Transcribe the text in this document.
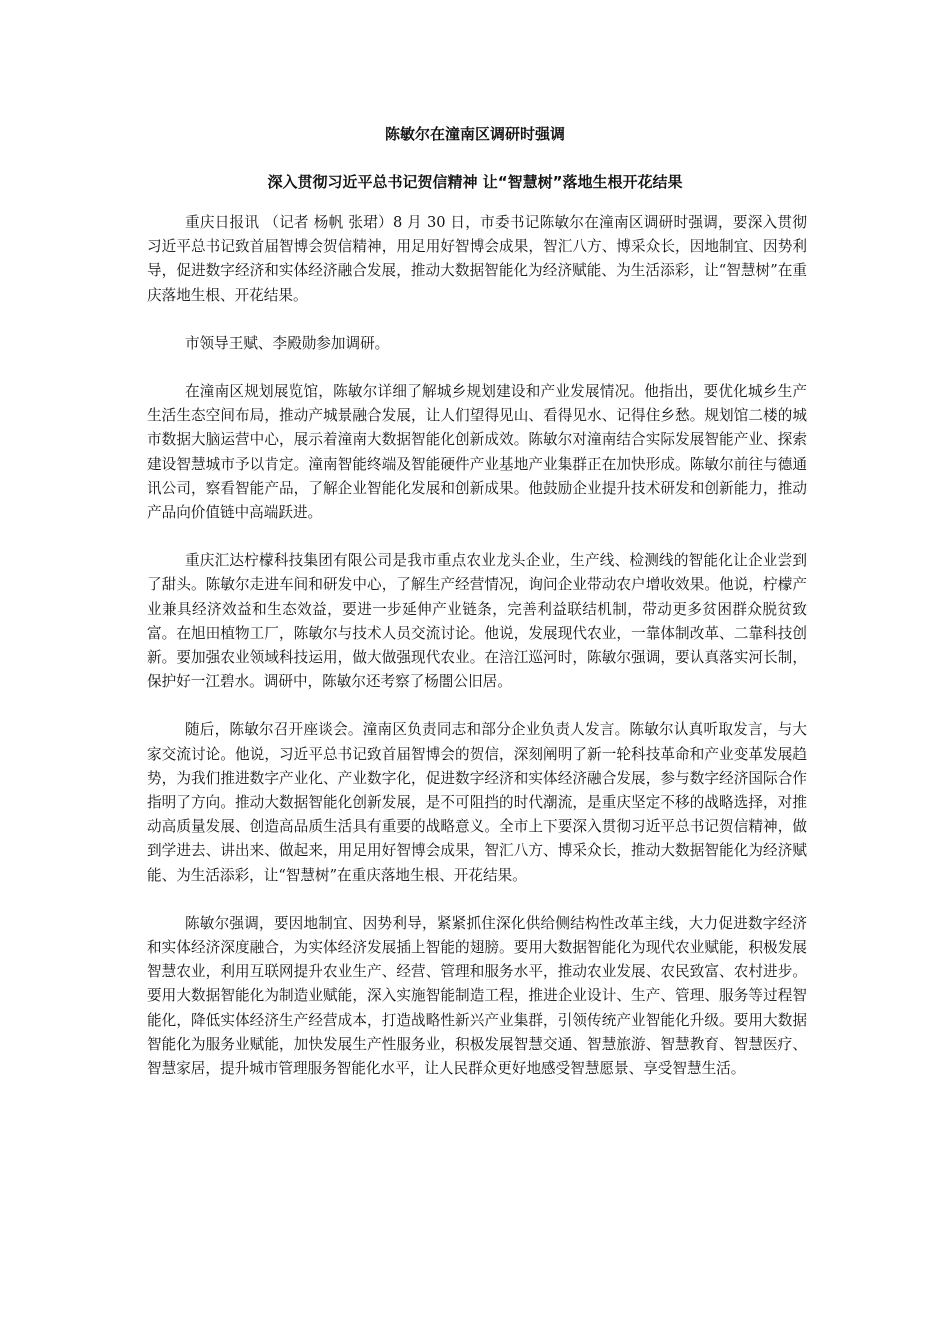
陈敏尔在潼南区调研时强调
深入贯彻习近平总书记贺信精神 让“智慧树”落地生根开花结果

重庆日报讯 （记者 杨帆 张珺）8 月 30 日，市委书记陈敏尔在潼南区调研时强调，要深入贯彻习近平总书记致首届智博会贺信精神，用足用好智博会成果，智汇八方、博采众长，因地制宜、因势利导，促进数字经济和实体经济融合发展，推动大数据智能化为经济赋能、为生活添彩，让“智慧树”在重庆落地生根、开花结果。

市领导王赋、李殿勋参加调研。

在潼南区规划展览馆，陈敏尔详细了解城乡规划建设和产业发展情况。他指出，要优化城乡生产生活生态空间布局，推动产城景融合发展，让人们望得见山、看得见水、记得住乡愁。规划馆二楼的城市数据大脑运营中心，展示着潼南大数据智能化创新成效。陈敏尔对潼南结合实际发展智能产业、探索建设智慧城市予以肯定。潼南智能终端及智能硬件产业基地产业集群正在加快形成。陈敏尔前往与德通讯公司，察看智能产品，了解企业智能化发展和创新成果。他鼓励企业提升技术研发和创新能力，推动产品向价值链中高端跃进。

重庆汇达柠檬科技集团有限公司是我市重点农业龙头企业，生产线、检测线的智能化让企业尝到了甜头。陈敏尔走进车间和研发中心，了解生产经营情况，询问企业带动农户增收效果。他说，柠檬产业兼具经济效益和生态效益，要进一步延伸产业链条，完善利益联结机制，带动更多贫困群众脱贫致富。在旭田植物工厂，陈敏尔与技术人员交流讨论。他说，发展现代农业，一靠体制改革、二靠科技创新。要加强农业领域科技运用，做大做强现代农业。在涪江巡河时，陈敏尔强调，要认真落实河长制，保护好一江碧水。调研中，陈敏尔还考察了杨闇公旧居。

随后，陈敏尔召开座谈会。潼南区负责同志和部分企业负责人发言。陈敏尔认真听取发言，与大家交流讨论。他说，习近平总书记致首届智博会的贺信，深刻阐明了新一轮科技革命和产业变革发展趋势，为我们推进数字产业化、产业数字化，促进数字经济和实体经济融合发展，参与数字经济国际合作指明了方向。推动大数据智能化创新发展，是不可阻挡的时代潮流，是重庆坚定不移的战略选择，对推动高质量发展、创造高品质生活具有重要的战略意义。全市上下要深入贯彻习近平总书记贺信精神，做到学进去、讲出来、做起来，用足用好智博会成果，智汇八方、博采众长，推动大数据智能化为经济赋能、为生活添彩，让“智慧树”在重庆落地生根、开花结果。

陈敏尔强调，要因地制宜、因势利导，紧紧抓住深化供给侧结构性改革主线，大力促进数字经济和实体经济深度融合，为实体经济发展插上智能的翅膀。要用大数据智能化为现代农业赋能，积极发展智慧农业，利用互联网提升农业生产、经营、管理和服务水平，推动农业发展、农民致富、农村进步。要用大数据智能化为制造业赋能，深入实施智能制造工程，推进企业设计、生产、管理、服务等过程智能化，降低实体经济生产经营成本，打造战略性新兴产业集群，引领传统产业智能化升级。要用大数据智能化为服务业赋能，加快发展生产性服务业，积极发展智慧交通、智慧旅游、智慧教育、智慧医疗、智慧家居，提升城市管理服务智能化水平，让人民群众更好地感受智慧愿景、享受智慧生活。
